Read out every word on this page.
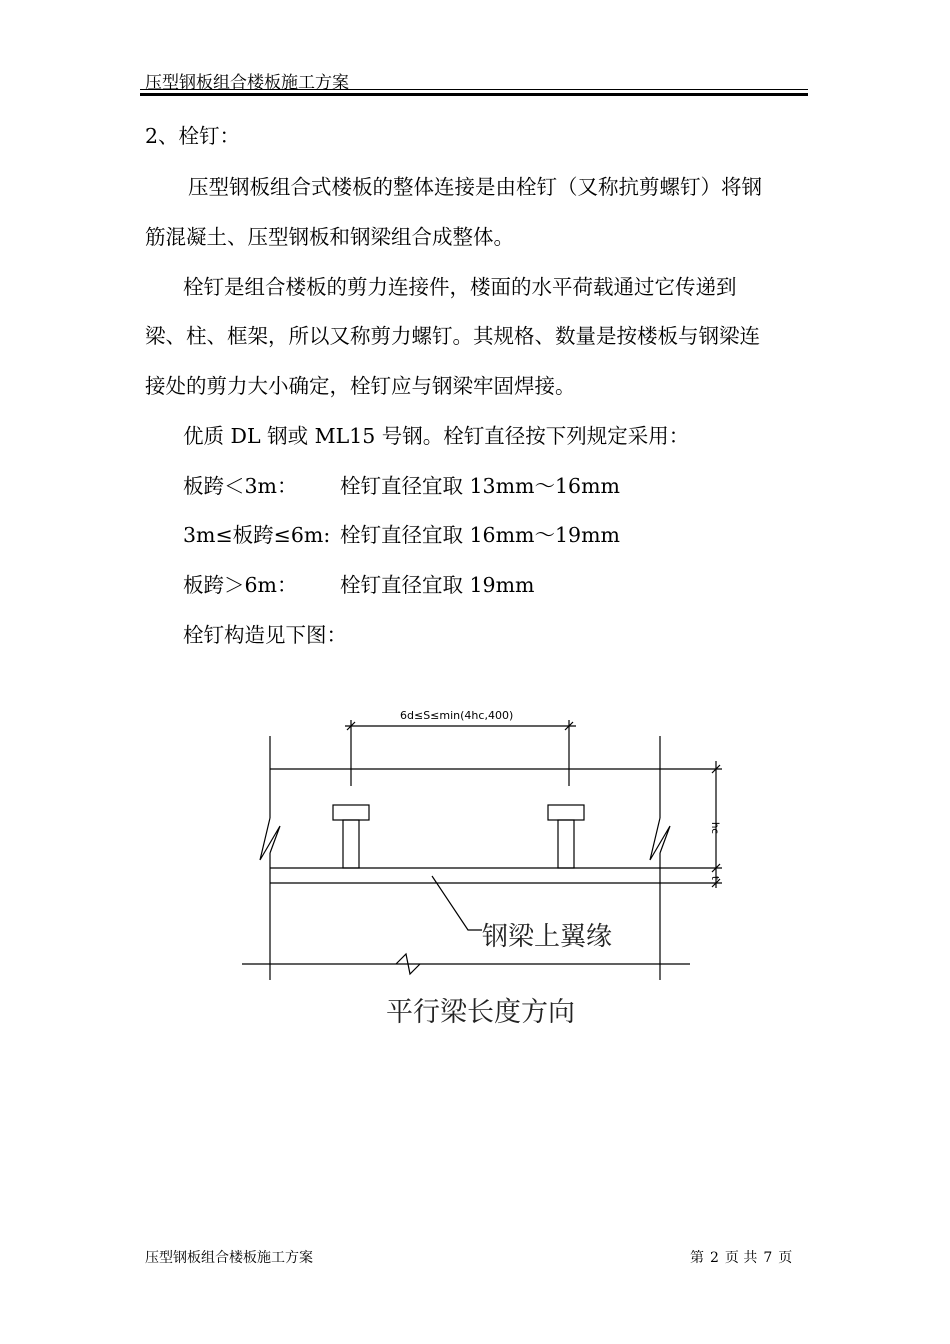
压型钢板组合楼板施工方案
2、栓钉：
压型钢板组合式楼板的整体连接是由栓钉（又称抗剪螺钉）将钢
筋混凝土、压型钢板和钢梁组合成整体。
栓钉是组合楼板的剪力连接件，楼面的水平荷载通过它传递到
梁、柱、框架，所以又称剪力螺钉。其规格、数量是按楼板与钢梁连
接处的剪力大小确定，栓钉应与钢梁牢固焊接。
优质 DL 钢或 ML15 号钢。栓钉直径按下列规定采用：
板跨＜3m： 栓钉直径宜取 13mm～16mm
3m≤板跨≤6m: 栓钉直径宜取 16mm～19mm
板跨＞6m： 栓钉直径宜取 19mm
栓钉构造见下图：
6d≤S≤min(4hc,400)
hc
t
钢梁上翼缘
平行梁长度方向
压型钢板组合楼板施工方案	第 2 页 共 7 页
